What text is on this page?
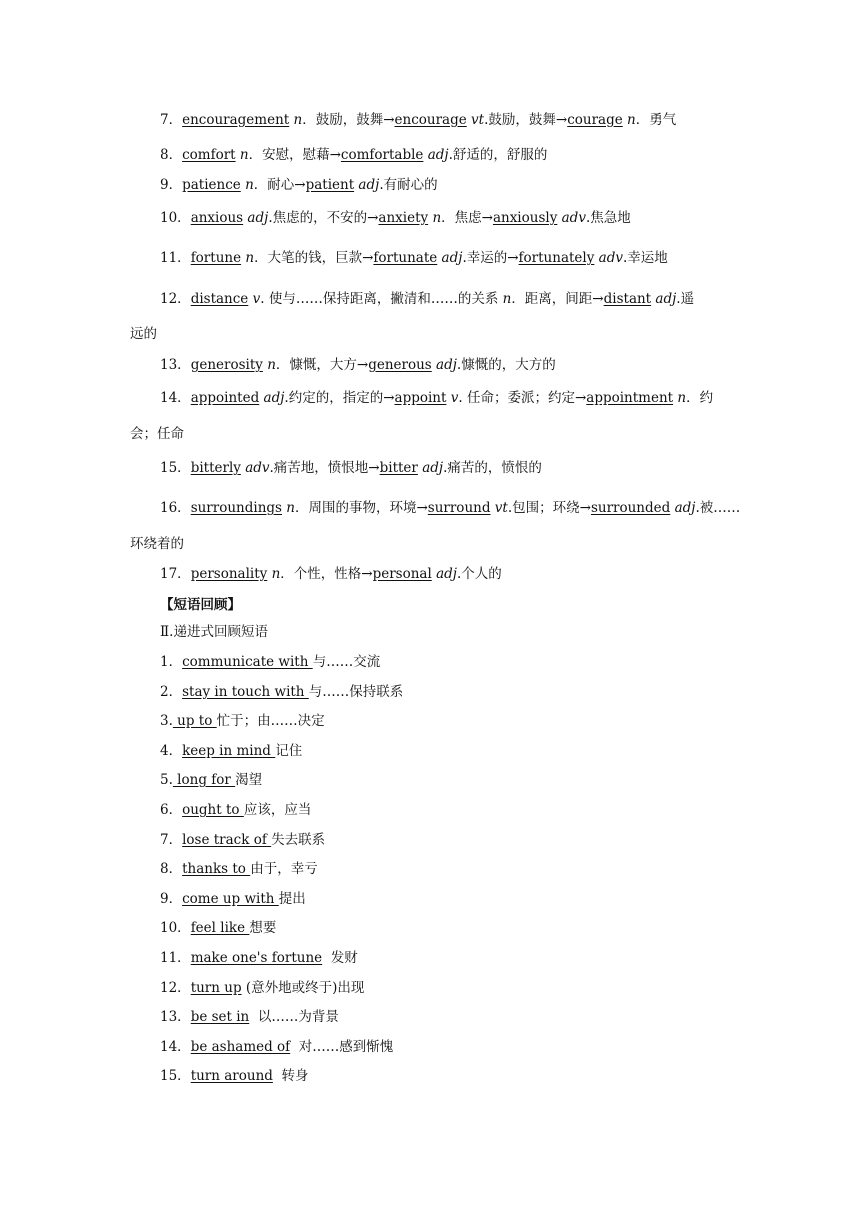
7．encouragement n．鼓励，鼓舞→encourage vt.鼓励，鼓舞→courage n．勇气
8．comfort n．安慰，慰藉→comfortable adj.舒适的，舒服的
9．patience n．耐心→patient adj.有耐心的
10．anxious adj.焦虑的，不安的→anxiety n．焦虑→anxiously adv.焦急地
11．fortune n．大笔的钱，巨款→fortunate adj.幸运的→fortunately adv.幸运地
12．distance v. 使与……保持距离，撇清和……的关系 n．距离，间距→distant adj.遥
远的
13．generosity n．慷慨，大方→generous adj.慷慨的，大方的
14．appointed adj.约定的，指定的→appoint v. 任命；委派；约定→appointment n．约
会；任命
15．bitterly adv.痛苦地，愤恨地→bitter adj.痛苦的，愤恨的
16．surroundings n．周围的事物，环境→surround vt.包围；环绕→surrounded adj.被……
环绕着的
17．personality n．个性，性格→personal adj.个人的
【短语回顾】
Ⅱ.递进式回顾短语
1．communicate with 与……交流
2．stay in touch with 与……保持联系
3. up to 忙于；由……决定
4．keep in mind 记住
5. long for 渴望
6．ought to 应该，应当
7．lose track of 失去联系
8．thanks to 由于，幸亏
9．come up with 提出
10．feel like 想要
11．make one's fortune  发财
12．turn up (意外地或终于)出现
13．be set in  以……为背景
14．be ashamed of  对……感到惭愧
15．turn around  转身
